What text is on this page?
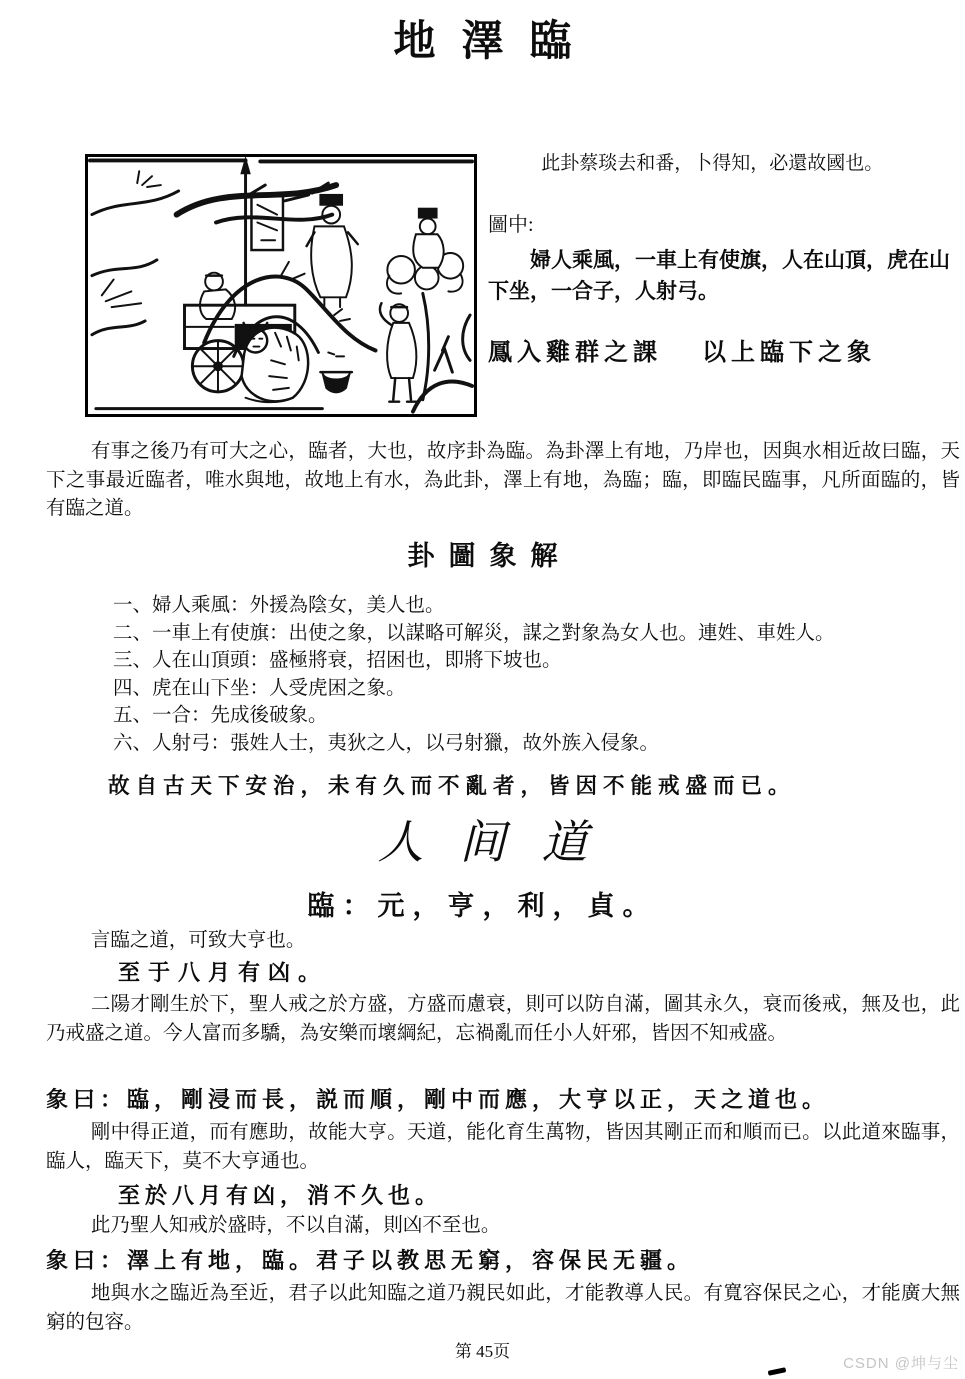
地澤臨

此卦蔡琰去和番，卜得知，必還故國也。

圖中:

婦人乘風，一車上有使旗，人在山頂，虎在山下坐，一合子，人射弓。

鳳入雞群之課 以上臨下之象

有事之後乃有可大之心，臨者，大也，故序卦為臨。為卦澤上有地，乃岸也，因與水相近故曰臨，天下之事最近臨者，唯水與地，故地上有水，為此卦，澤上有地，為臨；臨，即臨民臨事，凡所面臨的，皆有臨之道。

卦圖象解
一、婦人乘風：外援為陰女，美人也。
二、一車上有使旗：出使之象，以謀略可解災，謀之對象為女人也。連姓、車姓人。
三、人在山頂頭：盛極將衰，招困也，即將下坡也。
四、虎在山下坐：人受虎困之象。
五、一合：先成後破象。
六、人射弓：張姓人士，夷狄之人，以弓射獵，故外族入侵象。
故自古天下安治，未有久而不亂者，皆因不能戒盛而已。
人间道
臨：元，亨，利，貞。

言臨之道，可致大亨也。

至于八月有凶。

二陽才剛生於下，聖人戒之於方盛，方盛而慮衰，則可以防自滿，圖其永久，衰而後戒，無及也，此乃戒盛之道。今人富而多驕，為安樂而壞綱紀，忘禍亂而任小人奸邪，皆因不知戒盛。

象曰：臨，剛浸而長，説而順，剛中而應，大亨以正，天之道也。

剛中得正道，而有應助，故能大亨。天道，能化育生萬物，皆因其剛正而和順而已。以此道來臨事，臨人，臨天下，莫不大亨通也。

至於八月有凶，消不久也。

此乃聖人知戒於盛時，不以自滿，則凶不至也。

象曰：澤上有地，臨。君子以教思无窮，容保民无疆。

地與水之臨近為至近，君子以此知臨之道乃親民如此，才能教導人民。有寬容保民之心，才能廣大無窮的包容。

第 45页
CSDN @坤与尘
